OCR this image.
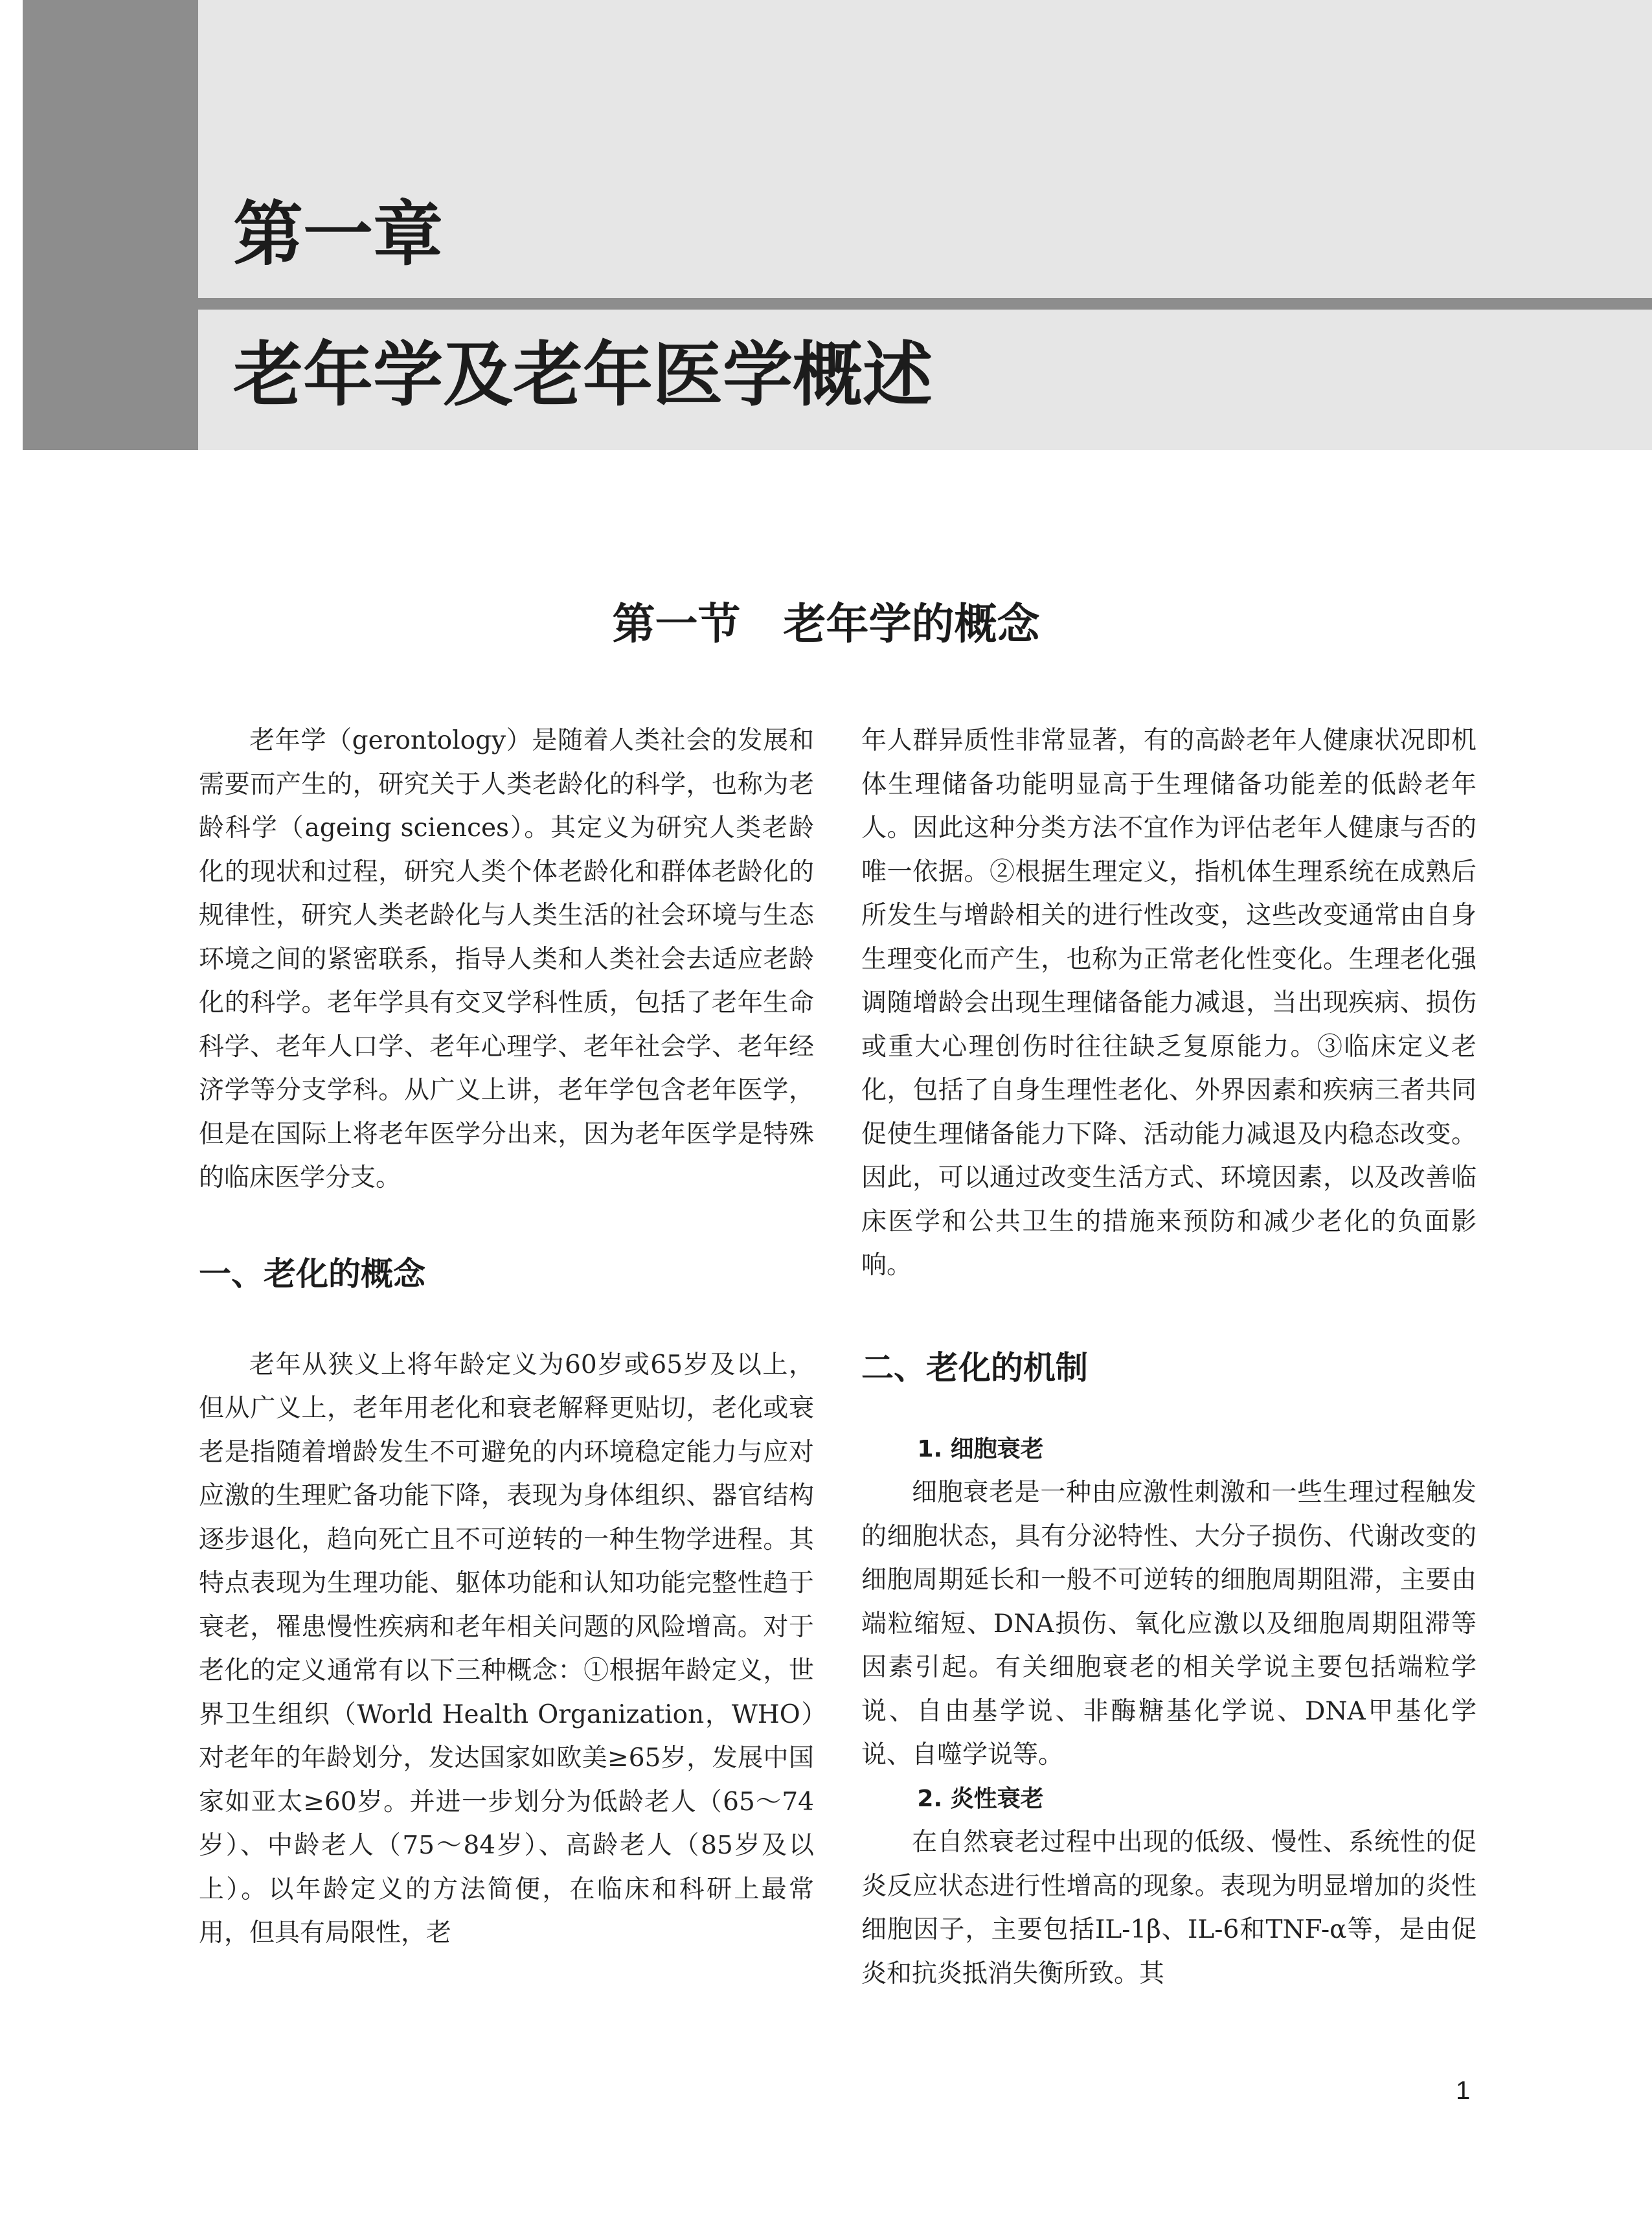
第一章
老年学及老年医学概述
第一节　老年学的概念

老年学（gerontology）是随着人类社会的发展和需要而产生的，研究关于人类老龄化的科学，也称为老龄科学（ageing sciences）。其定义为研究人类老龄化的现状和过程，研究人类个体老龄化和群体老龄化的规律性，研究人类老龄化与人类生活的社会环境与生态环境之间的紧密联系，指导人类和人类社会去适应老龄化的科学。老年学具有交叉学科性质，包括了老年生命科学、老年人口学、老年心理学、老年社会学、老年经济学等分支学科。从广义上讲，老年学包含老年医学，但是在国际上将老年医学分出来，因为老年医学是特殊的临床医学分支。

一、老化的概念

老年从狭义上将年龄定义为60岁或65岁及以上，但从广义上，老年用老化和衰老解释更贴切，老化或衰老是指随着增龄发生不可避免的内环境稳定能力与应对应激的生理贮备功能下降，表现为身体组织、器官结构逐步退化，趋向死亡且不可逆转的一种生物学进程。其特点表现为生理功能、躯体功能和认知功能完整性趋于衰老，罹患慢性疾病和老年相关问题的风险增高。对于老化的定义通常有以下三种概念：①根据年龄定义，世界卫生组织（World Health Organization，WHO）对老年的年龄划分，发达国家如欧美≥65岁，发展中国家如亚太≥60岁。并进一步划分为低龄老人（65～74岁）、中龄老人（75～84岁）、高龄老人（85岁及以上）。以年龄定义的方法简便，在临床和科研上最常用，但具有局限性，老

年人群异质性非常显著，有的高龄老年人健康状况即机体生理储备功能明显高于生理储备功能差的低龄老年人。因此这种分类方法不宜作为评估老年人健康与否的唯一依据。②根据生理定义，指机体生理系统在成熟后所发生与增龄相关的进行性改变，这些改变通常由自身生理变化而产生，也称为正常老化性变化。生理老化强调随增龄会出现生理储备能力减退，当出现疾病、损伤或重大心理创伤时往往缺乏复原能力。③临床定义老化，包括了自身生理性老化、外界因素和疾病三者共同促使生理储备能力下降、活动能力减退及内稳态改变。因此，可以通过改变生活方式、环境因素，以及改善临床医学和公共卫生的措施来预防和减少老化的负面影响。

二、老化的机制

1. 细胞衰老

细胞衰老是一种由应激性刺激和一些生理过程触发的细胞状态，具有分泌特性、大分子损伤、代谢改变的细胞周期延长和一般不可逆转的细胞周期阻滞，主要由端粒缩短、DNA损伤、氧化应激以及细胞周期阻滞等因素引起。有关细胞衰老的相关学说主要包括端粒学说、自由基学说、非酶糖基化学说、DNA甲基化学说、自噬学说等。

2. 炎性衰老

在自然衰老过程中出现的低级、慢性、系统性的促炎反应状态进行性增高的现象。表现为明显增加的炎性细胞因子，主要包括IL-1β、IL-6和TNF-α等，是由促炎和抗炎抵消失衡所致。其

1
